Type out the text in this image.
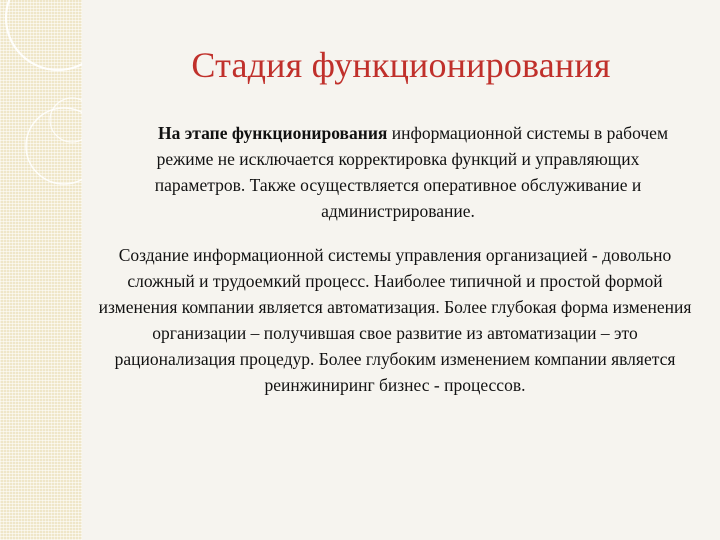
Стадия функционирования

На этапе функционирования информационной системы в рабочем режиме не исключается корректировка функций и управляющих параметров. Также осуществляется оперативное обслуживание и администрирование.

Создание информационной системы управления организацией - довольно сложный и трудоемкий процесс. Наиболее типичной и простой формой изменения компании является автоматизация. Более глубокая форма изменения организации – получившая свое развитие из автоматизации – это рационализация процедур. Более глубоким изменением компании является реинжиниринг бизнес - процессов.
